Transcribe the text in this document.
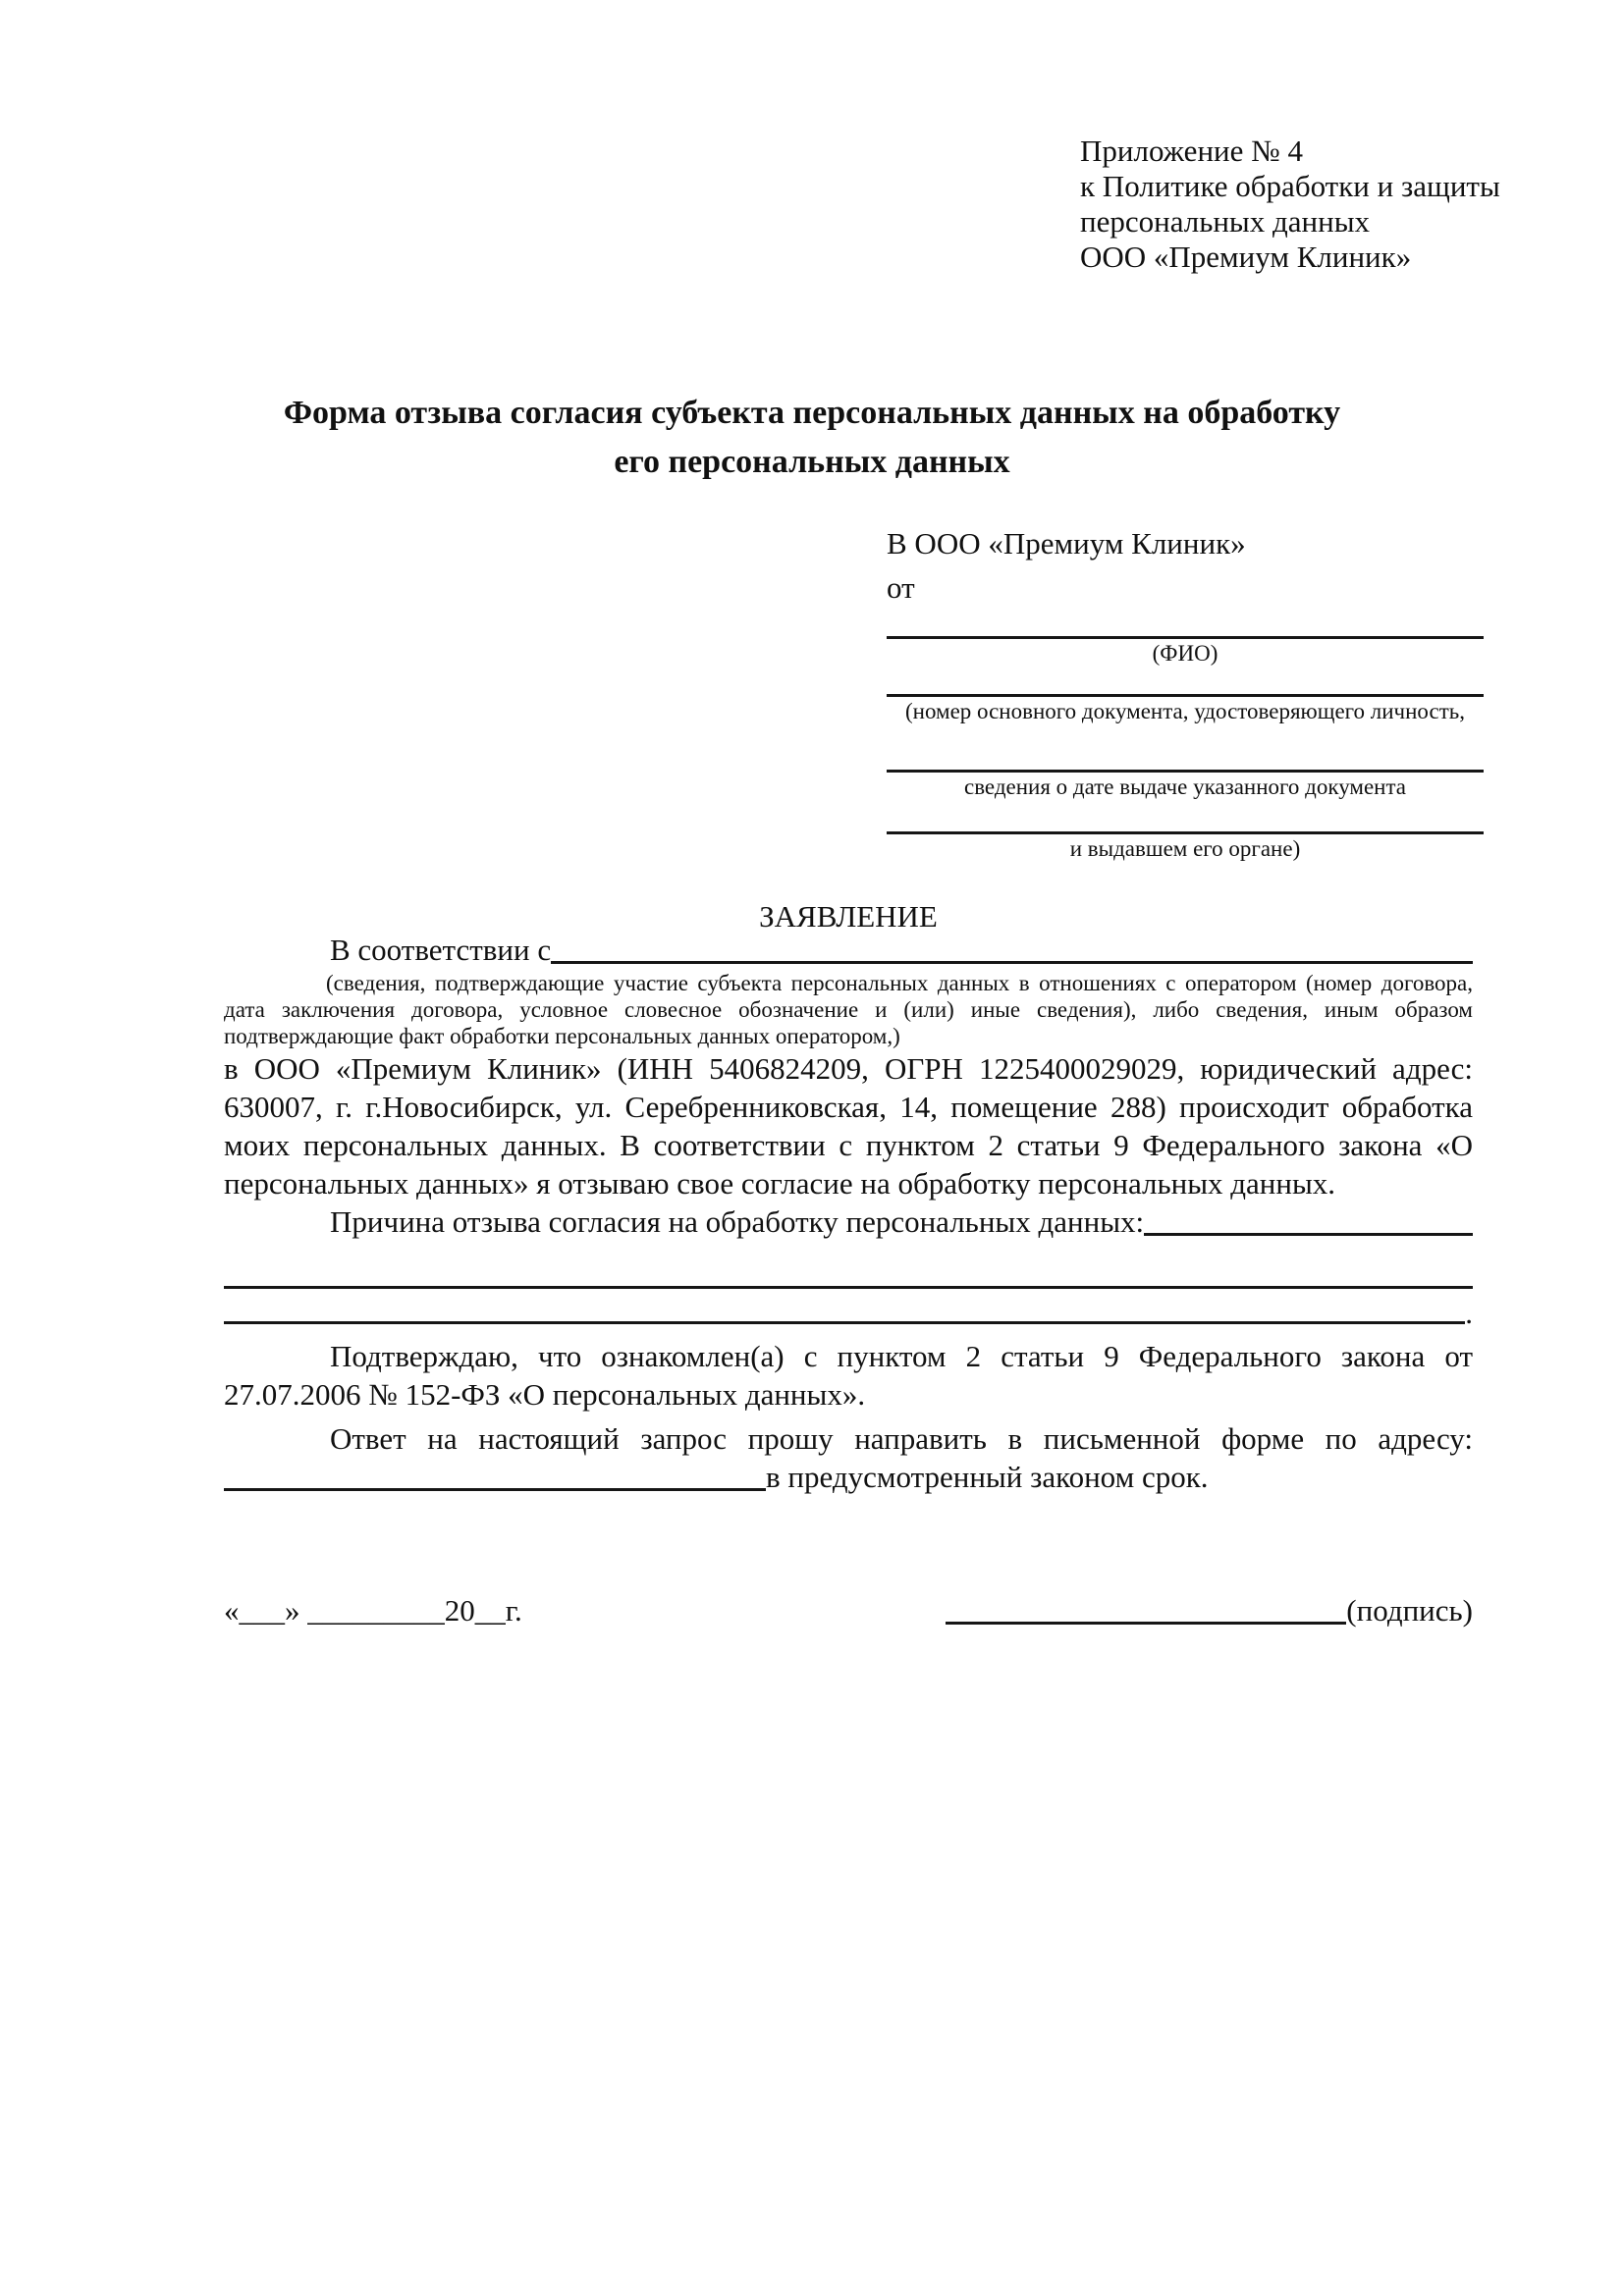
Приложение № 4
к Политике обработки и защиты
персональных данных
ООО «Премиум Клиник»
Форма отзыва согласия субъекта персональных данных на обработку
его персональных данных
В ООО «Премиум Клиник»
от
(ФИО)
(номер основного документа, удостоверяющего личность,
сведения о дате выдаче указанного документа
и выдавшем его органе)
ЗАЯВЛЕНИЕ
В соответствии с

(сведения, подтверждающие участие субъекта персональных данных в отношениях с оператором (номер договора, дата заключения договора, условное словесное обозначение и (или) иные сведения), либо сведения, иным образом подтверждающие факт обработки персональных данных оператором,)

в ООО «Премиум Клиник» (ИНН 5406824209, ОГРН 1225400029029, юридический адрес: 630007, г. г.Новосибирск, ул. Серебренниковская, 14, помещение 288) происходит обработка моих персональных данных. В соответствии с пунктом 2 статьи 9 Федерального закона «О персональных данных» я отзываю свое согласие на обработку персональных данных.

Причина отзыва согласия на обработку персональных данных:
.

Подтверждаю, что ознакомлен(а) с пунктом 2 статьи 9 Федерального закона от 27.07.2006 № 152-ФЗ «О персональных данных».

Ответ на настоящий запрос прошу направить в письменной форме по адресу:
в предусмотренный законом срок.
«___» _________20__г.	(подпись)
